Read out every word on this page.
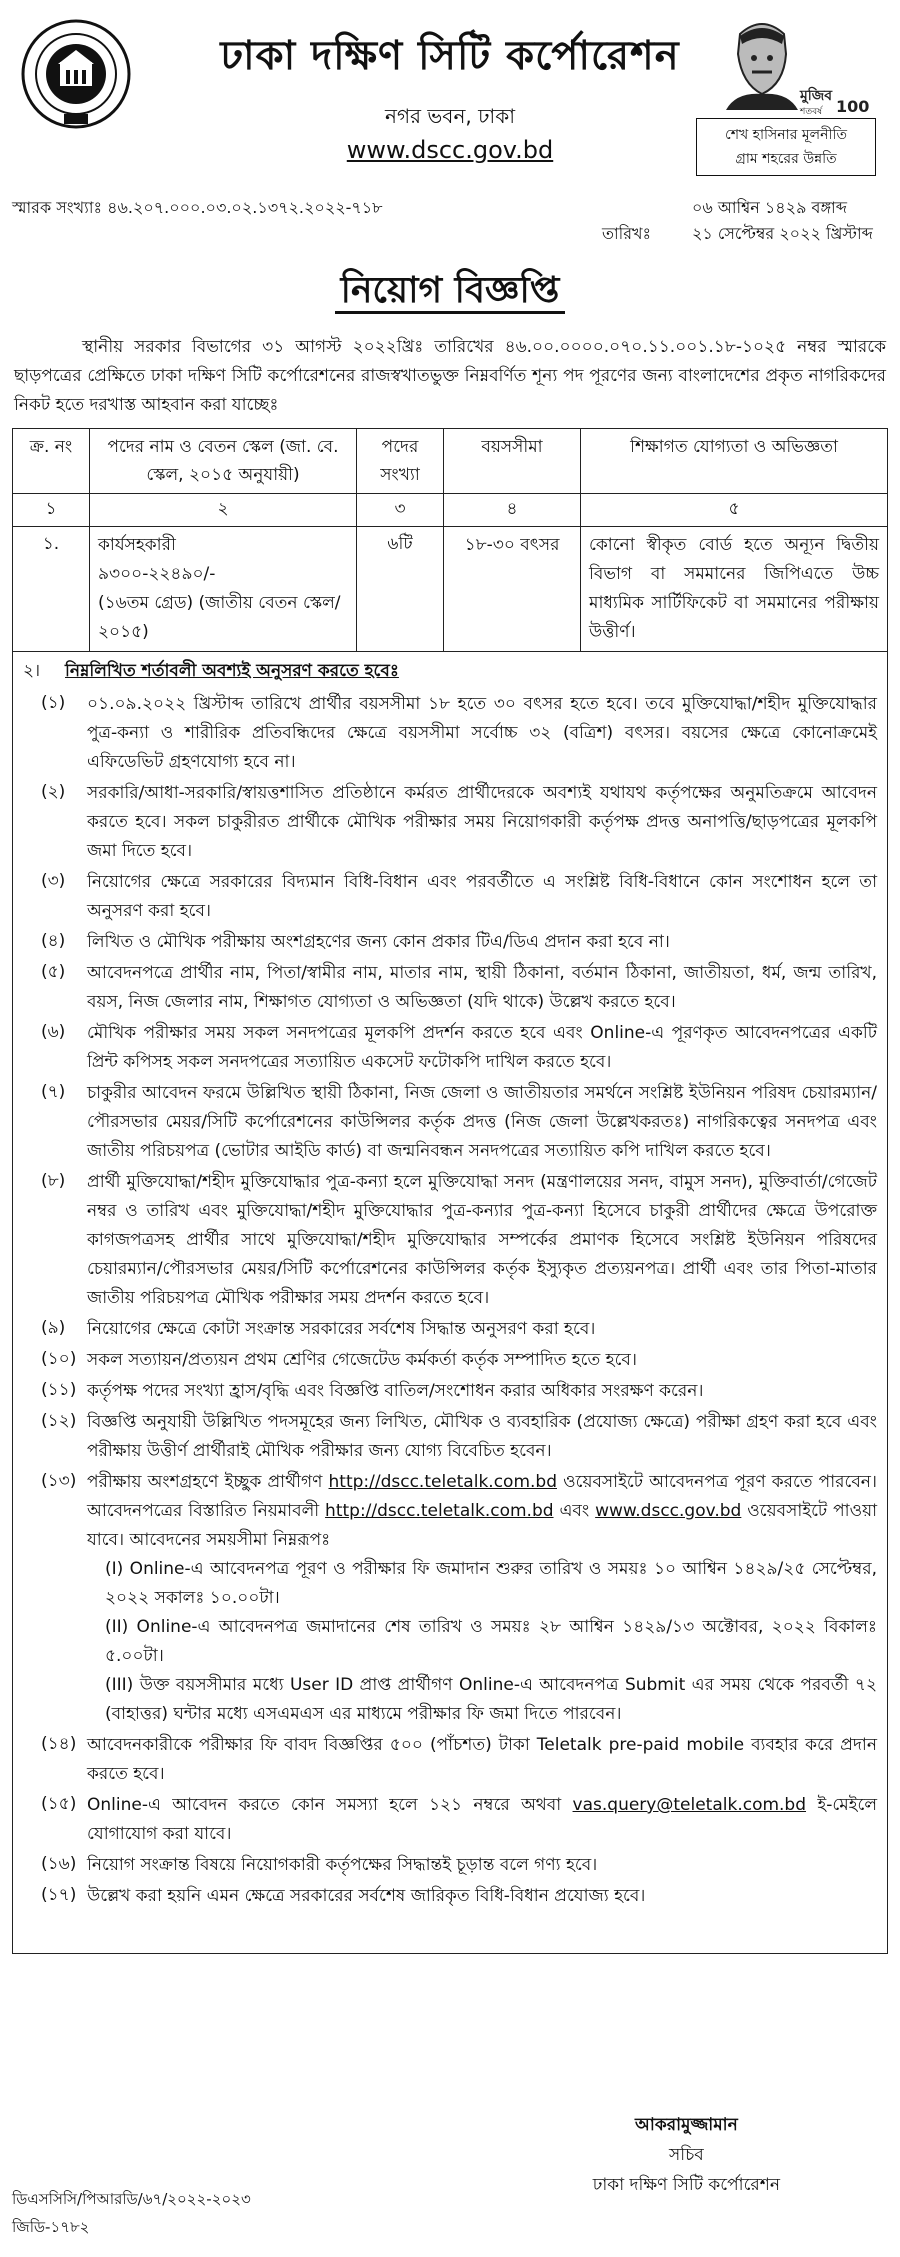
ঢাকা দক্ষিণ সিটি কর্পোরেশন
নগর ভবন, ঢাকা
www.dscc.gov.bd
মুজিব
100
শতবর্ষ
শেখ হাসিনার মূলনীতি
গ্রাম শহরের উন্নতি
স্মারক সংখ্যাঃ ৪৬.২০৭.০০০.০৩.০২.১৩৭২.২০২২-৭১৮
তারিখঃ
০৬ আশ্বিন ১৪২৯ বঙ্গাব্দ
২১ সেপ্টেম্বর ২০২২ খ্রিস্টাব্দ
নিয়োগ বিজ্ঞপ্তি

স্থানীয় সরকার বিভাগের ৩১ আগস্ট ২০২২খ্রিঃ তারিখের ৪৬.০০.০০০০.০৭০.১১.০০১.১৮-১০২৫ নম্বর স্মারকে ছাড়পত্রের প্রেক্ষিতে ঢাকা দক্ষিণ সিটি কর্পোরেশনের রাজস্বখাতভুক্ত নিম্নবর্ণিত শূন্য পদ পূরণের জন্য বাংলাদেশের প্রকৃত নাগরিকদের নিকট হতে দরখাস্ত আহবান করা যাচ্ছেঃ

ক্র. নং	পদের নাম ও বেতন স্কেল (জা. বে. স্কেল, ২০১৫ অনুযায়ী)	পদের সংখ্যা	বয়সসীমা	শিক্ষাগত যোগ্যতা ও অভিজ্ঞতা
১	২	৩	৪	৫
১.	কার্যসহকারী
৯৩০০-২২৪৯০/-
(১৬তম গ্রেড) (জাতীয় বেতন স্কেল/২০১৫)	৬টি	১৮-৩০ বৎসর	কোনো স্বীকৃত বোর্ড হতে অন্যূন দ্বিতীয় বিভাগ বা সমমানের জিপিএতে উচ্চ মাধ্যমিক সার্টিফিকেট বা সমমানের পরীক্ষায় উত্তীর্ণ।
২। নিম্নলিখিত শর্তাবলী অবশ্যই অনুসরণ করতে হবেঃ
(১)	০১.০৯.২০২২ খ্রিস্টাব্দ তারিখে প্রার্থীর বয়সসীমা ১৮ হতে ৩০ বৎসর হতে হবে। তবে মুক্তিযোদ্ধা/শহীদ মুক্তিযোদ্ধার পুত্র-কন্যা ও শারীরিক প্রতিবন্ধিদের ক্ষেত্রে বয়সসীমা সর্বোচ্চ ৩২ (বত্রিশ) বৎসর। বয়সের ক্ষেত্রে কোনোক্রমেই এফিডেভিট গ্রহণযোগ্য হবে না।
(২)	সরকারি/আধা-সরকারি/স্বায়ত্তশাসিত প্রতিষ্ঠানে কর্মরত প্রার্থীদেরকে অবশ্যই যথাযথ কর্তৃপক্ষের অনুমতিক্রমে আবেদন করতে হবে। সকল চাকুরীরত প্রার্থীকে মৌখিক পরীক্ষার সময় নিয়োগকারী কর্তৃপক্ষ প্রদত্ত অনাপত্তি/ছাড়পত্রের মূলকপি জমা দিতে হবে।
(৩)	নিয়োগের ক্ষেত্রে সরকারের বিদ্যমান বিধি-বিধান এবং পরবর্তীতে এ সংশ্লিষ্ট বিধি-বিধানে কোন সংশোধন হলে তা অনুসরণ করা হবে।
(৪)	লিখিত ও মৌখিক পরীক্ষায় অংশগ্রহণের জন্য কোন প্রকার টিএ/ডিএ প্রদান করা হবে না।
(৫)	আবেদনপত্রে প্রার্থীর নাম, পিতা/স্বামীর নাম, মাতার নাম, স্থায়ী ঠিকানা, বর্তমান ঠিকানা, জাতীয়তা, ধর্ম, জন্ম তারিখ, বয়স, নিজ জেলার নাম, শিক্ষাগত যোগ্যতা ও অভিজ্ঞতা (যদি থাকে) উল্লেখ করতে হবে।
(৬)	মৌখিক পরীক্ষার সময় সকল সনদপত্রের মূলকপি প্রদর্শন করতে হবে এবং Online-এ পূরণকৃত আবেদনপত্রের একটি প্রিন্ট কপিসহ সকল সনদপত্রের সত্যায়িত একসেট ফটোকপি দাখিল করতে হবে।
(৭)	চাকুরীর আবেদন ফরমে উল্লিখিত স্থায়ী ঠিকানা, নিজ জেলা ও জাতীয়তার সমর্থনে সংশ্লিষ্ট ইউনিয়ন পরিষদ চেয়ারম্যান/পৌরসভার মেয়র/সিটি কর্পোরেশনের কাউন্সিলর কর্তৃক প্রদত্ত (নিজ জেলা উল্লেখকরতঃ) নাগরিকত্বের সনদপত্র এবং জাতীয় পরিচয়পত্র (ভোটার আইডি কার্ড) বা জন্মনিবন্ধন সনদপত্রের সত্যায়িত কপি দাখিল করতে হবে।
(৮)	প্রার্থী মুক্তিযোদ্ধা/শহীদ মুক্তিযোদ্ধার পুত্র-কন্যা হলে মুক্তিযোদ্ধা সনদ (মন্ত্রণালয়ের সনদ, বামুস সনদ), মুক্তিবার্তা/গেজেট নম্বর ও তারিখ এবং মুক্তিযোদ্ধা/শহীদ মুক্তিযোদ্ধার পুত্র-কন্যার পুত্র-কন্যা হিসেবে চাকুরী প্রার্থীদের ক্ষেত্রে উপরোক্ত কাগজপত্রসহ প্রার্থীর সাথে মুক্তিযোদ্ধা/শহীদ মুক্তিযোদ্ধার সম্পর্কের প্রমাণক হিসেবে সংশ্লিষ্ট ইউনিয়ন পরিষদের চেয়ারম্যান/পৌরসভার মেয়র/সিটি কর্পোরেশনের কাউন্সিলর কর্তৃক ইস্যুকৃত প্রত্যয়নপত্র। প্রার্থী এবং তার পিতা-মাতার জাতীয় পরিচয়পত্র মৌখিক পরীক্ষার সময় প্রদর্শন করতে হবে।
(৯)	নিয়োগের ক্ষেত্রে কোটা সংক্রান্ত সরকারের সর্বশেষ সিদ্ধান্ত অনুসরণ করা হবে।
(১০) সকল সত্যায়ন/প্রত্যয়ন প্রথম শ্রেণির গেজেটেড কর্মকর্তা কর্তৃক সম্পাদিত হতে হবে।
(১১) কর্তৃপক্ষ পদের সংখ্যা হ্রাস/বৃদ্ধি এবং বিজ্ঞপ্তি বাতিল/সংশোধন করার অধিকার সংরক্ষণ করেন।
(১২) বিজ্ঞপ্তি অনুযায়ী উল্লিখিত পদসমূহের জন্য লিখিত, মৌখিক ও ব্যবহারিক (প্রযোজ্য ক্ষেত্রে) পরীক্ষা গ্রহণ করা হবে এবং পরীক্ষায় উত্তীর্ণ প্রার্থীরাই মৌখিক পরীক্ষার জন্য যোগ্য বিবেচিত হবেন।
(১৩) পরীক্ষায় অংশগ্রহণে ইচ্ছুক প্রার্থীগণ http://dscc.teletalk.com.bd ওয়েবসাইটে আবেদনপত্র পূরণ করতে পারবেন। আবেদনপত্রের বিস্তারিত নিয়মাবলী http://dscc.teletalk.com.bd এবং www.dscc.gov.bd ওয়েবসাইটে পাওয়া যাবে। আবেদনের সময়সীমা নিম্নরূপঃ
(I) Online-এ আবেদনপত্র পূরণ ও পরীক্ষার ফি জমাদান শুরুর তারিখ ও সময়ঃ ১০ আশ্বিন ১৪২৯/২৫ সেপ্টেম্বর, ২০২২ সকালঃ ১০.০০টা।
(II) Online-এ আবেদনপত্র জমাদানের শেষ তারিখ ও সময়ঃ ২৮ আশ্বিন ১৪২৯/১৩ অক্টোবর, ২০২২ বিকালঃ ৫.০০টা।
(III) উক্ত বয়সসীমার মধ্যে User ID প্রাপ্ত প্রার্থীগণ Online-এ আবেদনপত্র Submit এর সময় থেকে পরবর্তী ৭২ (বাহাত্তর) ঘন্টার মধ্যে এসএমএস এর মাধ্যমে পরীক্ষার ফি জমা দিতে পারবেন।
(১৪) আবেদনকারীকে পরীক্ষার ফি বাবদ বিজ্ঞপ্তির ৫০০ (পাঁচশত) টাকা Teletalk pre-paid mobile ব্যবহার করে প্রদান করতে হবে।
(১৫) Online-এ আবেদন করতে কোন সমস্যা হলে ১২১ নম্বরে অথবা vas.query@teletalk.com.bd ই-মেইলে যোগাযোগ করা যাবে।
(১৬) নিয়োগ সংক্রান্ত বিষয়ে নিয়োগকারী কর্তৃপক্ষের সিদ্ধান্তই চূড়ান্ত বলে গণ্য হবে।
(১৭) উল্লেখ করা হয়নি এমন ক্ষেত্রে সরকারের সর্বশেষ জারিকৃত বিধি-বিধান প্রযোজ্য হবে।
আকরামুজ্জামান
সচিব
ঢাকা দক্ষিণ সিটি কর্পোরেশন
ডিএসসিসি/পিআরডি/৬৭/২০২২-২০২৩
জিডি-১৭৮২
